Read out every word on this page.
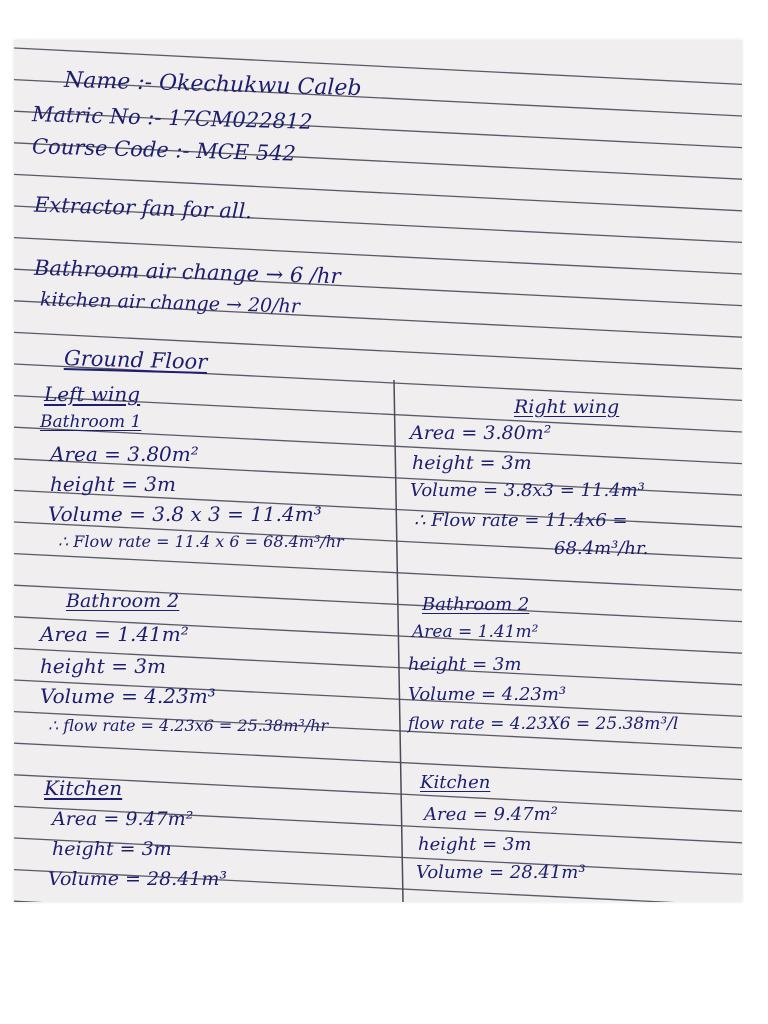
Name :- Okechukwu Caleb
Matric No :- 17CM022812
Course Code :- MCE 542
Extractor fan for all.
Bathroom air change → 6 /hr
kitchen air change → 20/hr
Ground Floor
Left wing
Bathroom 1
Area = 3.80m²
height = 3m
Volume = 3.8 x 3 = 11.4m³
∴ Flow rate = 11.4 x 6 = 68.4m³/hr
Bathroom 2
Area = 1.41m²
height = 3m
Volume = 4.23m³
∴ flow rate = 4.23x6 = 25.38m³/hr
Kitchen
Area = 9.47m²
height = 3m
Volume = 28.41m³
Right wing
Area = 3.80m²
height = 3m
Volume = 3.8x3 = 11.4m³
∴ Flow rate = 11.4x6 =
68.4m³/hr.
Bathroom 2
Area = 1.41m²
height = 3m
Volume = 4.23m³
flow rate = 4.23X6 = 25.38m³/l
Kitchen
Area = 9.47m²
height = 3m
Volume = 28.41m³
